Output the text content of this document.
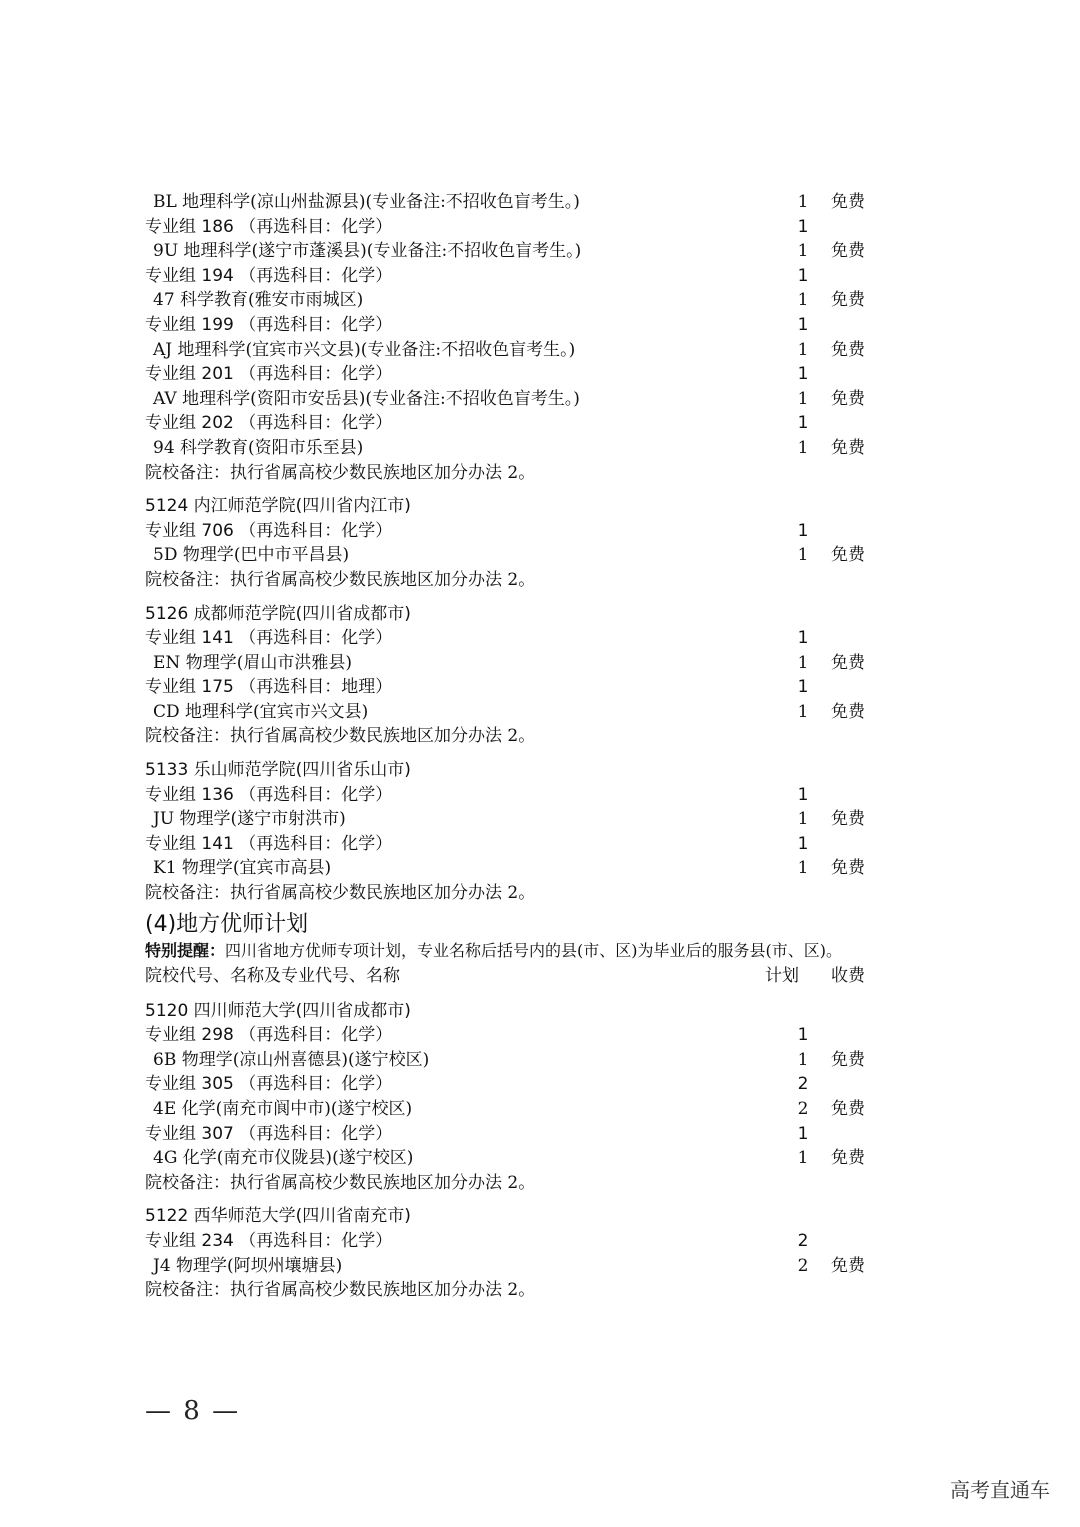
BL 地理科学(凉山州盐源县)(专业备注:不招收色盲考生。)	1 免费
专业组 186 （再选科目：化学）	1
9U 地理科学(遂宁市蓬溪县)(专业备注:不招收色盲考生。)	1 免费
专业组 194 （再选科目：化学）	1
47 科学教育(雅安市雨城区)	1 免费
专业组 199 （再选科目：化学）	1
AJ 地理科学(宜宾市兴文县)(专业备注:不招收色盲考生。)	1 免费
专业组 201 （再选科目：化学）	1
AV 地理科学(资阳市安岳县)(专业备注:不招收色盲考生。)	1 免费
专业组 202 （再选科目：化学）	1
94 科学教育(资阳市乐至县)	1 免费
院校备注：执行省属高校少数民族地区加分办法 2。
5124 内江师范学院(四川省内江市)
专业组 706 （再选科目：化学）	1
5D 物理学(巴中市平昌县)	1 免费
院校备注：执行省属高校少数民族地区加分办法 2。
5126 成都师范学院(四川省成都市)
专业组 141 （再选科目：化学）	1
EN 物理学(眉山市洪雅县)	1 免费
专业组 175 （再选科目：地理）	1
CD 地理科学(宜宾市兴文县)	1 免费
院校备注：执行省属高校少数民族地区加分办法 2。
5133 乐山师范学院(四川省乐山市)
专业组 136 （再选科目：化学）	1
JU 物理学(遂宁市射洪市)	1 免费
专业组 141 （再选科目：化学）	1
K1 物理学(宜宾市高县)	1 免费
院校备注：执行省属高校少数民族地区加分办法 2。
(4)地方优师计划
特别提醒：四川省地方优师专项计划，专业名称后括号内的县(市、区)为毕业后的服务县(市、区)。
院校代号、名称及专业代号、名称	计划 收费
5120 四川师范大学(四川省成都市)
专业组 298 （再选科目：化学）	1
6B 物理学(凉山州喜德县)(遂宁校区)	1 免费
专业组 305 （再选科目：化学）	2
4E 化学(南充市阆中市)(遂宁校区)	2 免费
专业组 307 （再选科目：化学）	1
4G 化学(南充市仪陇县)(遂宁校区)	1 免费
院校备注：执行省属高校少数民族地区加分办法 2。
5122 西华师范大学(四川省南充市)
专业组 234 （再选科目：化学）	2
J4 物理学(阿坝州壤塘县)	2 免费
院校备注：执行省属高校少数民族地区加分办法 2。
— 8 —
高考直通车
